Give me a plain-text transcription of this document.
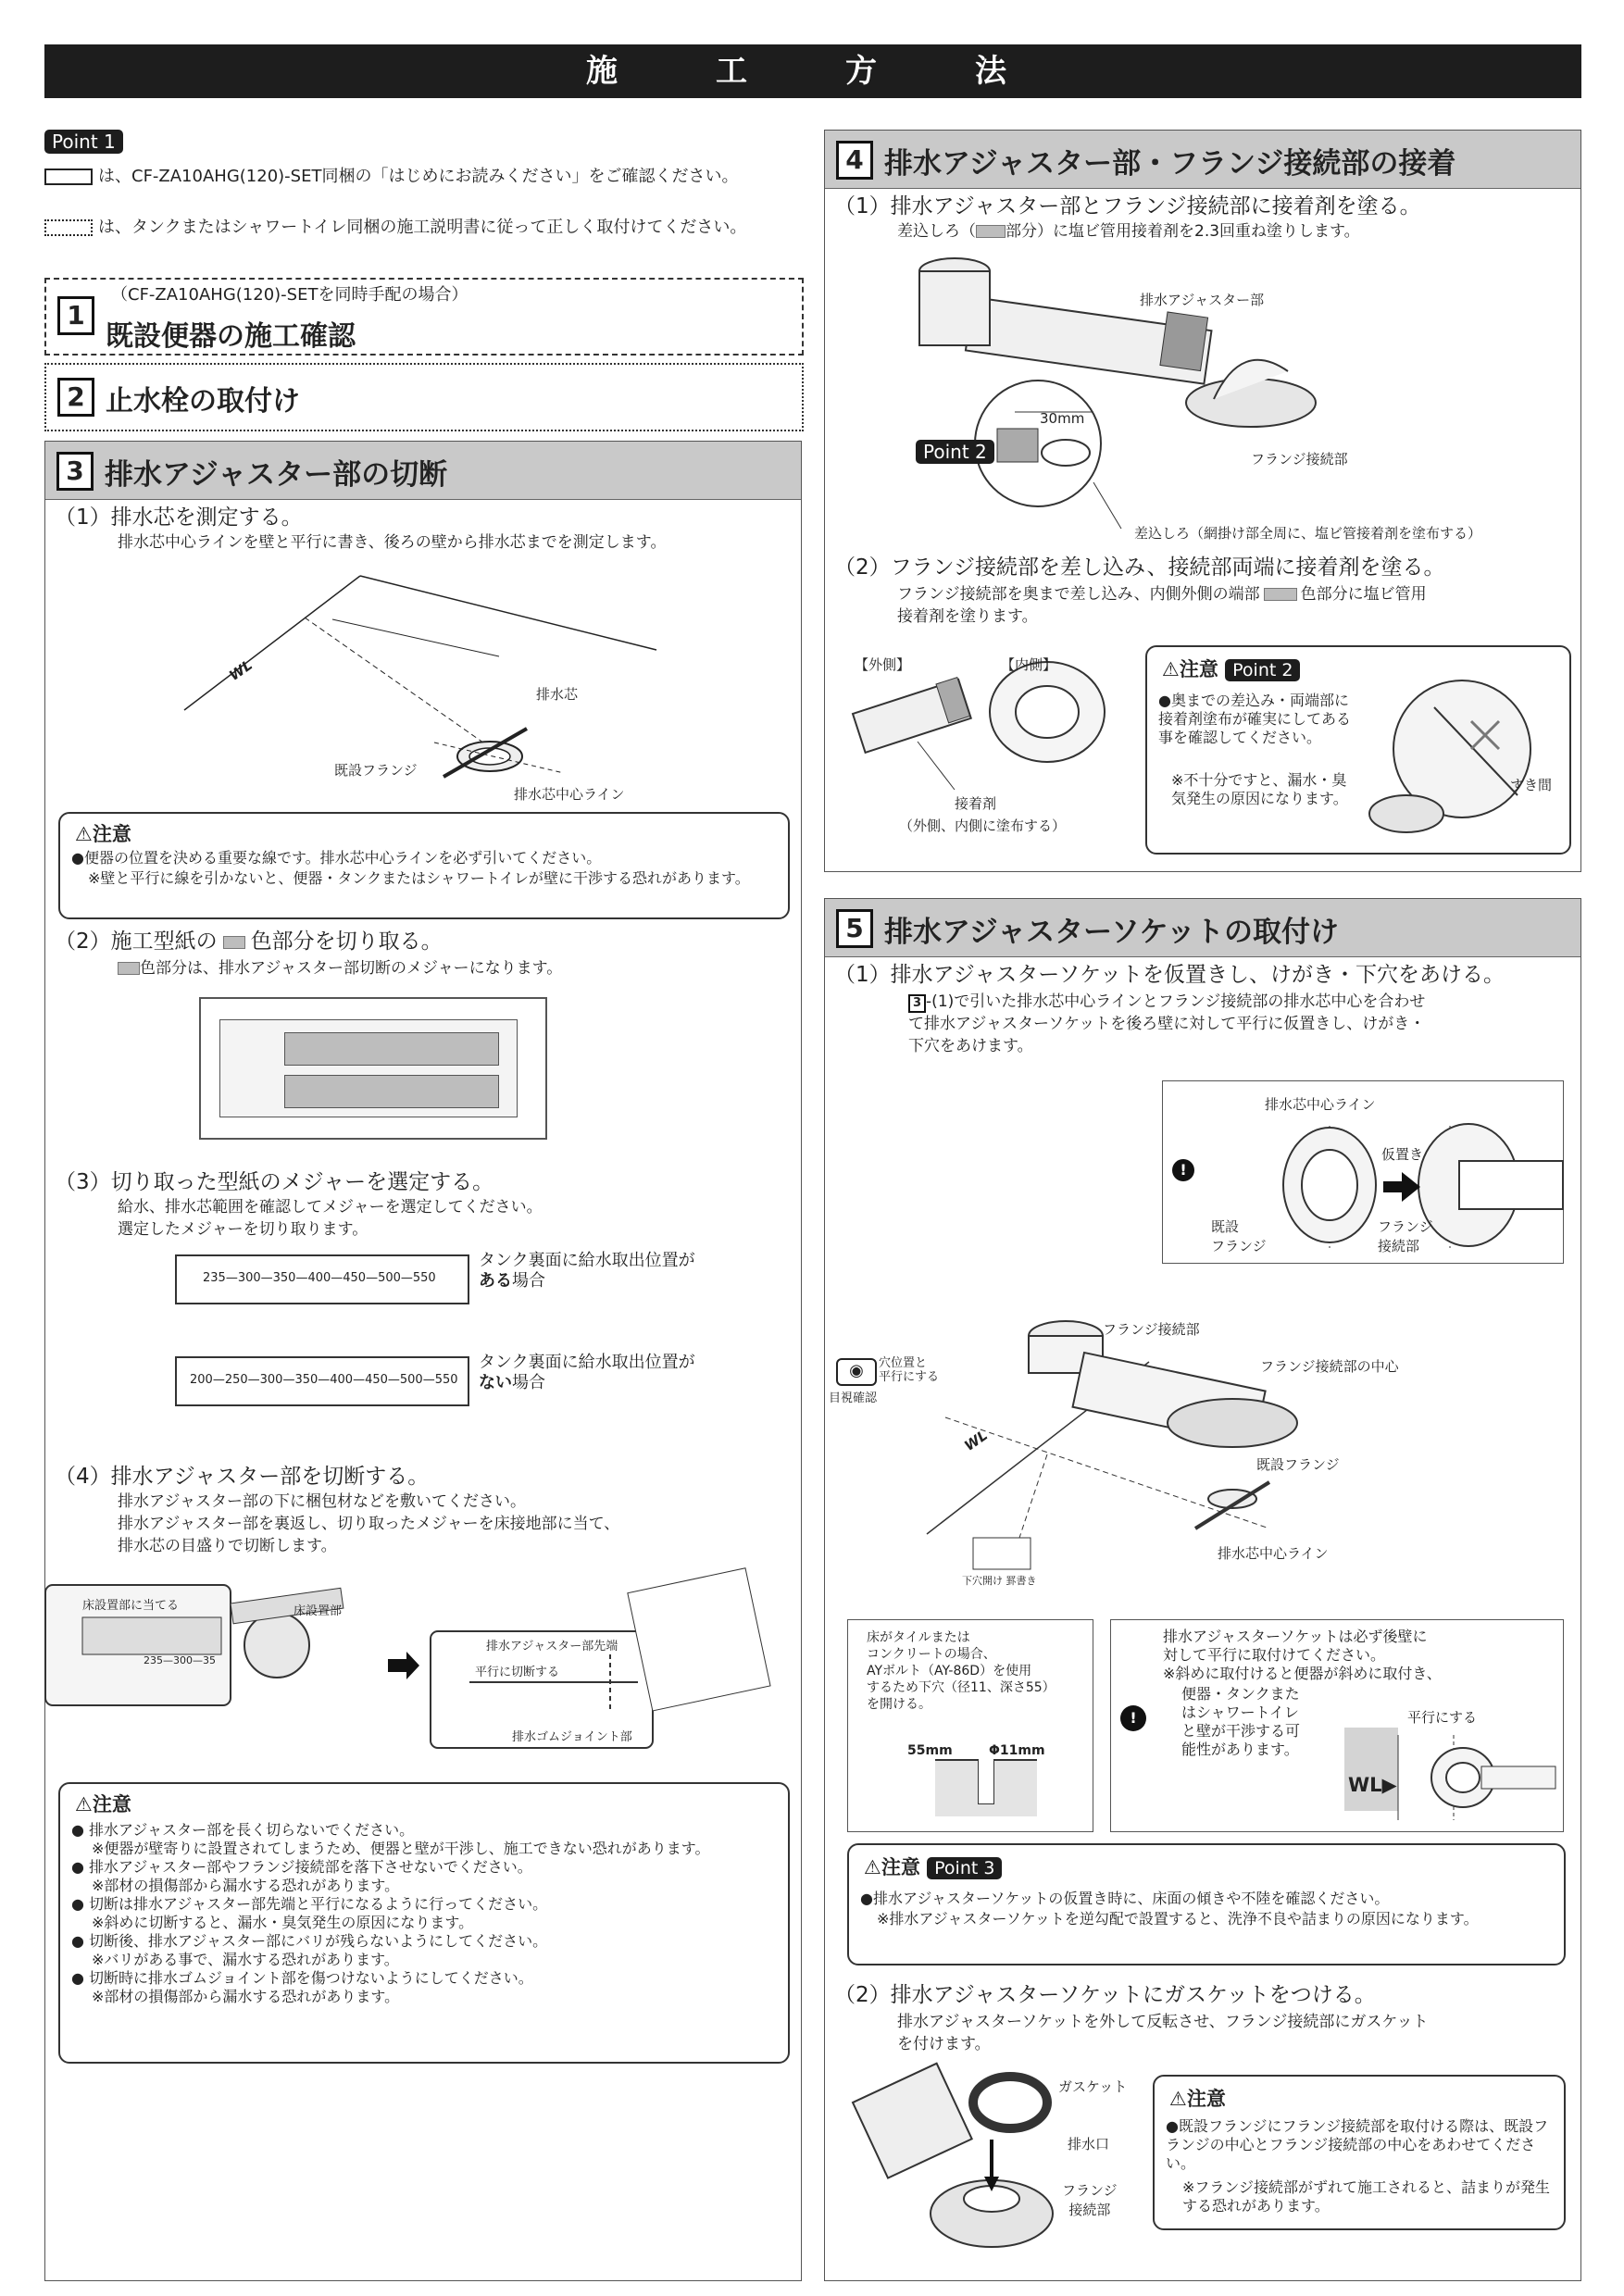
施　工　方　法
Point 1
は、CF-ZA10AHG(120)-SET同梱の「はじめにお読みください」をご確認ください。
は、タンクまたはシャワートイレ同梱の施工説明書に従って正しく取付けてください。
1
（CF-ZA10AHG(120)-SETを同時手配の場合）
既設便器の施工確認
2 止水栓の取付け
3 排水アジャスター部の切断
（1）排水芯を測定する。
排水芯中心ラインを壁と平行に書き、後ろの壁から排水芯までを測定します。
WL
排水芯
既設フランジ
排水芯中心ライン
⚠注意
●便器の位置を決める重要な線です。排水芯中心ラインを必ず引いてください。
※壁と平行に線を引かないと、便器・タンクまたはシャワートイレが壁に干渉する恐れがあります。
（2）施工型紙の 色部分を切り取る。
色部分は、排水アジャスター部切断のメジャーになります。
（3）切り取った型紙のメジャーを選定する。
給水、排水芯範囲を確認してメジャーを選定してください。
選定したメジャーを切り取ります。
235—300—350—400—450—500—550
タンク裏面に給水取出位置が
ある場合
200—250—300—350—400—450—500—550
タンク裏面に給水取出位置が
ない場合
（4）排水アジャスター部を切断する。
排水アジャスター部の下に梱包材などを敷いてください。
排水アジャスター部を裏返し、切り取ったメジャーを床接地部に当て、
排水芯の目盛りで切断します。
床設置部に当てる
235—300—35
床設置部
排水アジャスター部先端
平行に切断する
排水ゴムジョイント部
⚠注意
● 排水アジャスター部を長く切らないでください。
※便器が壁寄りに設置されてしまうため、便器と壁が干渉し、施工できない恐れがあります。
● 排水アジャスター部やフランジ接続部を落下させないでください。
※部材の損傷部から漏水する恐れがあります。
● 切断は排水アジャスター部先端と平行になるように行ってください。
※斜めに切断すると、漏水・臭気発生の原因になります。
● 切断後、排水アジャスター部にバリが残らないようにしてください。
※バリがある事で、漏水する恐れがあります。
● 切断時に排水ゴムジョイント部を傷つけないようにしてください。
※部材の損傷部から漏水する恐れがあります。
4 排水アジャスター部・フランジ接続部の接着
（1）排水アジャスター部とフランジ接続部に接着剤を塗る。
差込しろ（ 部分）に塩ビ管用接着剤を2.3回重ね塗りします。
排水アジャスター部
30mm
Point 2	フランジ接続部
差込しろ（網掛け部全周に、塩ビ管接着剤を塗布する）
（2）フランジ接続部を差し込み、接続部両端に接着剤を塗る。
フランジ接続部を奥まで差し込み、内側外側の端部	色部分に塩ビ管用
接着剤を塗ります。
【外側】	【内側】
接着剤
（外側、内側に塗布する）
⚠注意 Point 2
●奥までの差込み・両端部に接着剤塗布が確実にしてある事を確認してください。
※不十分ですと、漏水・臭気発生の原因になります。
すき間
5 排水アジャスターソケットの取付け
（1）排水アジャスターソケットを仮置きし、けがき・下穴をあける。
3 -(1)で引いた排水芯中心ラインとフランジ接続部の排水芯中心を合わせ
て排水アジャスターソケットを後ろ壁に対して平行に仮置きし、けがき・
下穴をあけます。
!
排水芯中心ライン
仮置き
既設
フランジ
フランジ
接続部
◉	穴位置と
平行にする
目視確認
フランジ接続部
フランジ接続部の中心
既設フランジ
排水芯中心ライン
WL
下穴開け 罫書き
床がタイルまたは
コンクリートの場合、
AYボルト（AY-86D）を使用
するため下穴（径11、深さ55）
を開ける。
55mm	Φ11mm
!
排水アジャスターソケットは必ず後壁に
対して平行に取付けてください。
※斜めに取付けると便器が斜めに取付き、
便器・タンクまた
はシャワートイレ
と壁が干渉する可
能性があります。
平行にする
WL▶
⚠注意 Point 3
●排水アジャスターソケットの仮置き時に、床面の傾きや不陸を確認ください。
※排水アジャスターソケットを逆勾配で設置すると、洗浄不良や詰まりの原因になります。
（2）排水アジャスターソケットにガスケットをつける。
排水アジャスターソケットを外して反転させ、フランジ接続部にガスケット
を付けます。
ガスケット
排水口
フランジ
接続部
⚠注意
●既設フランジにフランジ接続部を取付ける際は、既設フランジの中心とフランジ接続部の中心をあわせてください。
※フランジ接続部がずれて施工されると、詰まりが発生する恐れがあります。
